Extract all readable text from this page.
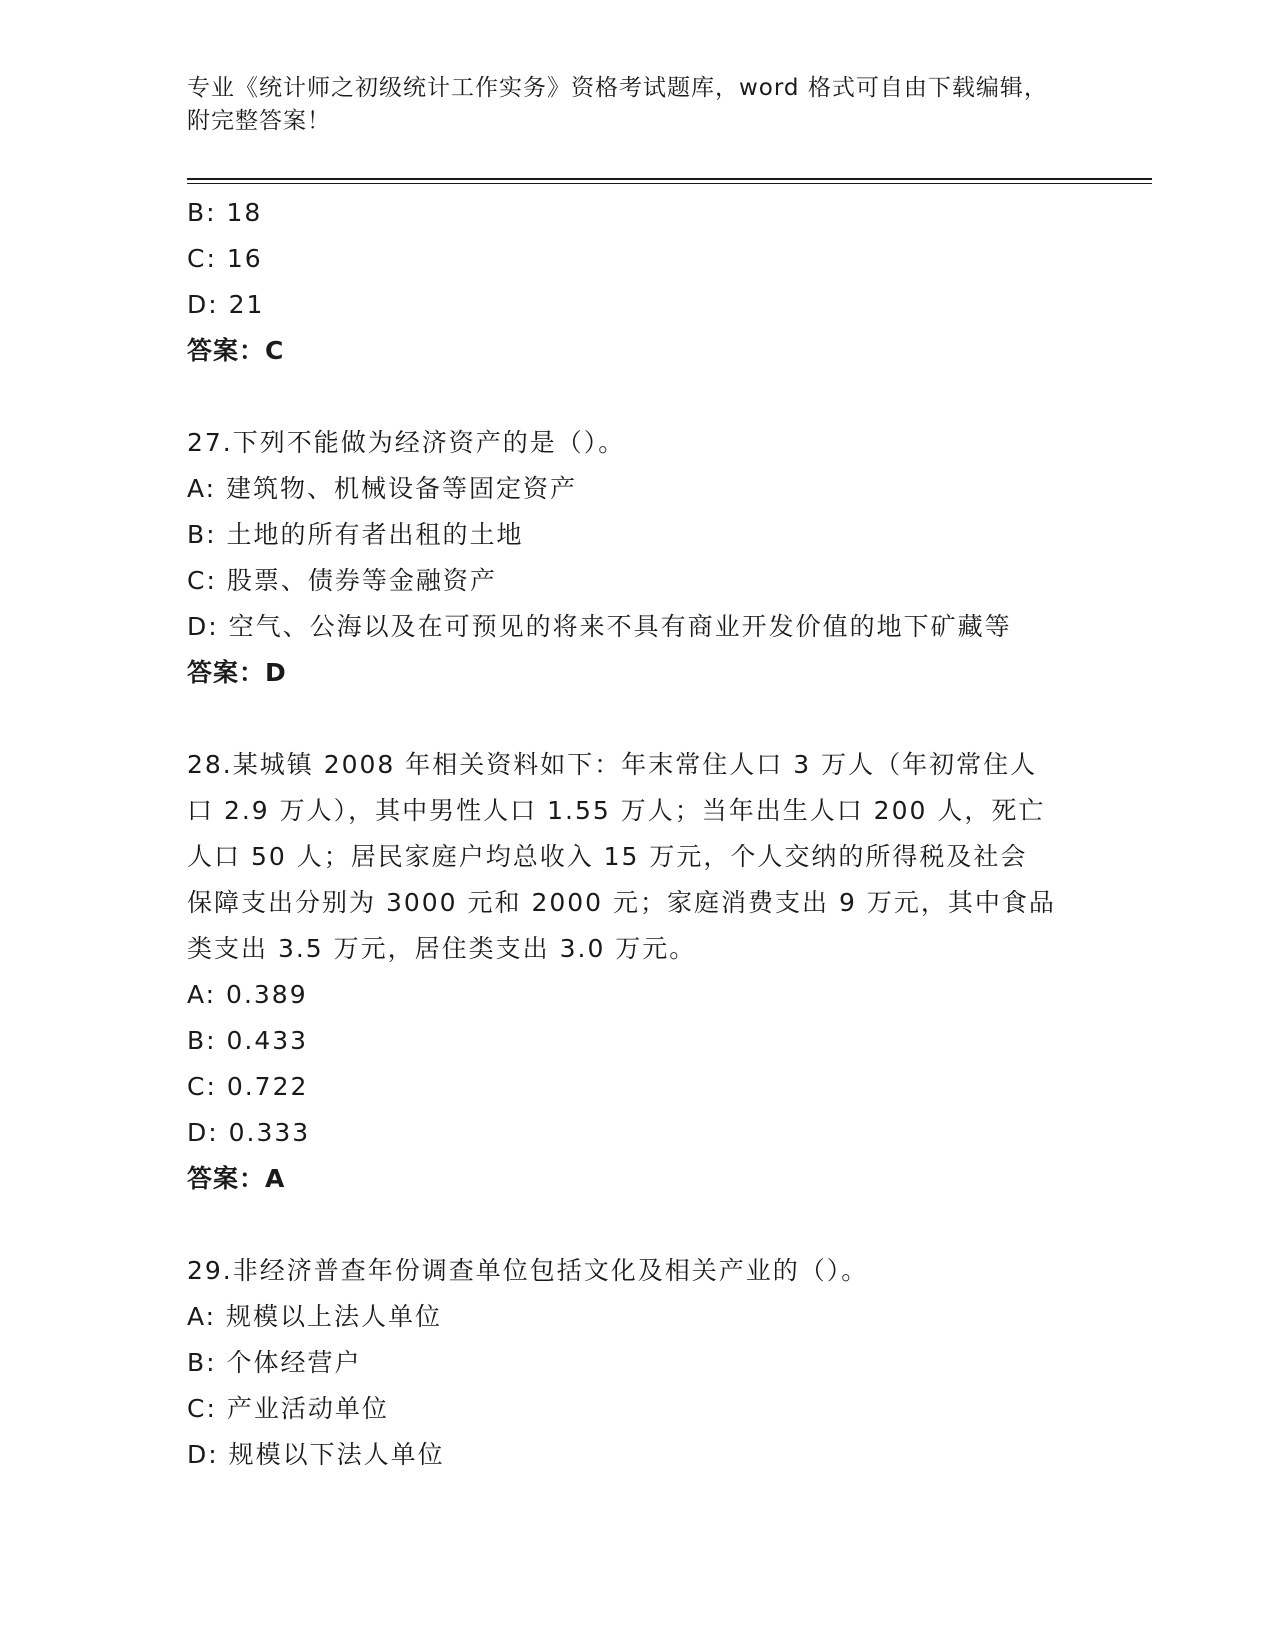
专业《统计师之初级统计工作实务》资格考试题库，word 格式可自由下载编辑，
附完整答案！
B: 18
C: 16
D: 21
答案：C
27.下列不能做为经济资产的是（）。
A: 建筑物、机械设备等固定资产
B: 土地的所有者出租的土地
C: 股票、债券等金融资产
D: 空气、公海以及在可预见的将来不具有商业开发价值的地下矿藏等
答案：D
28.某城镇 2008 年相关资料如下：年末常住人口 3 万人（年初常住人
口 2.9 万人），其中男性人口 1.55 万人；当年出生人口 200 人，死亡
人口 50 人；居民家庭户均总收入 15 万元，个人交纳的所得税及社会
保障支出分别为 3000 元和 2000 元；家庭消费支出 9 万元，其中食品
类支出 3.5 万元，居住类支出 3.0 万元。
A: 0.389
B: 0.433
C: 0.722
D: 0.333
答案：A
29.非经济普查年份调查单位包括文化及相关产业的（）。
A: 规模以上法人单位
B: 个体经营户
C: 产业活动单位
D: 规模以下法人单位
